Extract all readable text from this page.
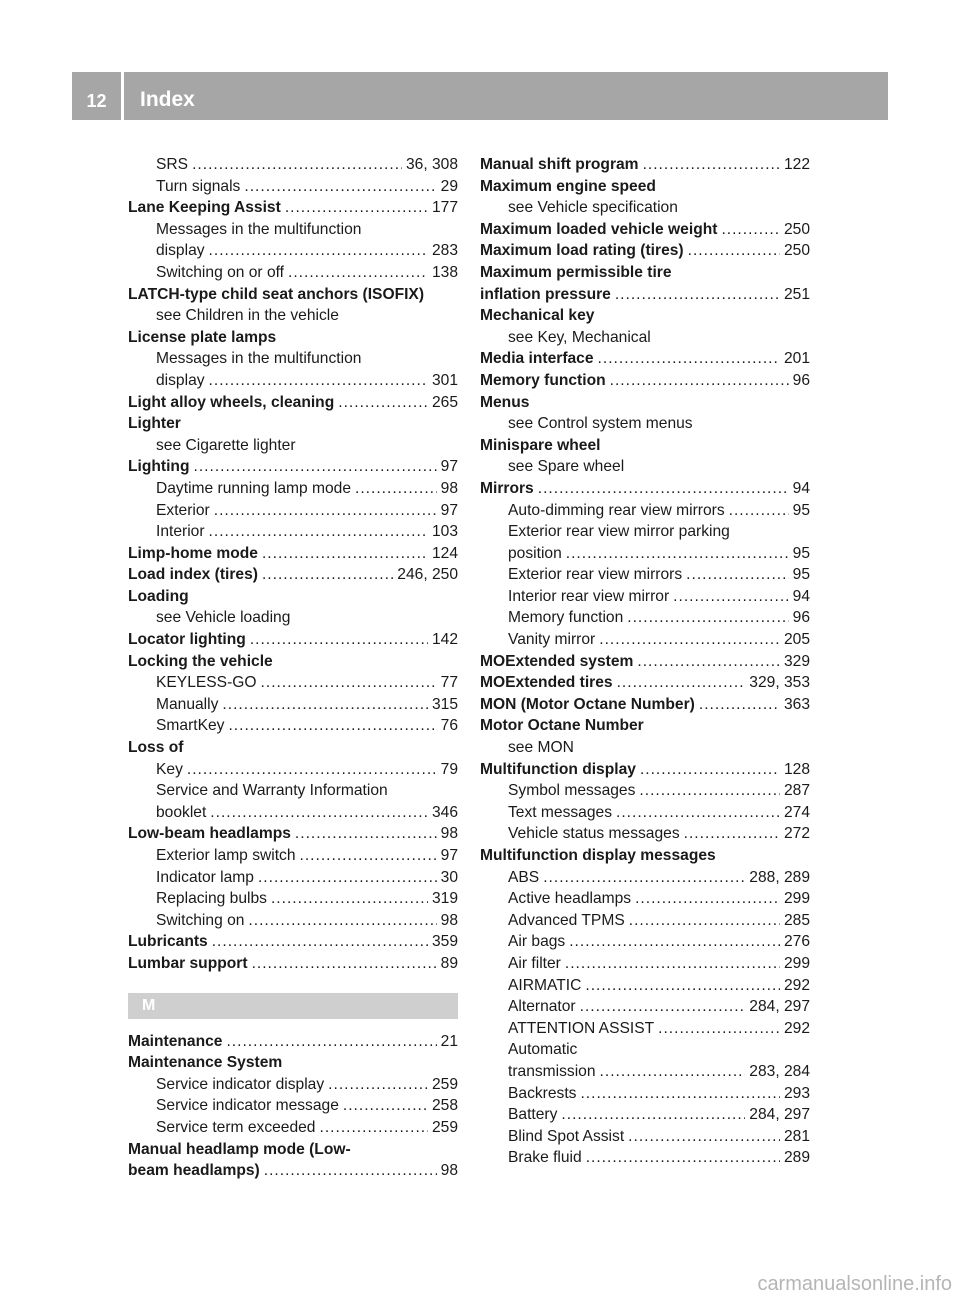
12	Index
SRS .....	36, 308
Turn signals .....	29
Lane Keeping Assist .....	177
Messages in the multifunction
display .....	283
Switching on or off .....	138
LATCH-type child seat anchors (ISOFIX)
see Children in the vehicle
License plate lamps
Messages in the multifunction
display .....	301
Light alloy wheels, cleaning .....	265
Lighter
see Cigarette lighter
Lighting .....	97
Daytime running lamp mode .....	98
Exterior .....	97
Interior .....	103
Limp-home mode .....	124
Load index (tires) .....	246, 250
Loading
see Vehicle loading
Locator lighting .....	142
Locking the vehicle
KEYLESS-GO .....	77
Manually .....	315
SmartKey .....	76
Loss of
Key .....	79
Service and Warranty Information
booklet .....	346
Low-beam headlamps .....	98
Exterior lamp switch .....	97
Indicator lamp .....	30
Replacing bulbs .....	319
Switching on .....	98
Lubricants .....	359
Lumbar support .....	89
M
Maintenance .....	21
Maintenance System
Service indicator display .....	259
Service indicator message .....	258
Service term exceeded .....	259
Manual headlamp mode (Low-
beam headlamps) .....	98
Manual shift program .....	122
Maximum engine speed
see Vehicle specification
Maximum loaded vehicle weight .....	250
Maximum load rating (tires) .....	250
Maximum permissible tire
inflation pressure .....	251
Mechanical key
see Key, Mechanical
Media interface .....	201
Memory function .....	96
Menus
see Control system menus
Minispare wheel
see Spare wheel
Mirrors .....	94
Auto-dimming rear view mirrors .....	95
Exterior rear view mirror parking
position .....	95
Exterior rear view mirrors .....	95
Interior rear view mirror .....	94
Memory function .....	96
Vanity mirror .....	205
MOExtended system .....	329
MOExtended tires .....	329, 353
MON (Motor Octane Number) .....	363
Motor Octane Number
see MON
Multifunction display .....	128
Symbol messages .....	287
Text messages .....	274
Vehicle status messages .....	272
Multifunction display messages
ABS .....	288, 289
Active headlamps .....	299
Advanced TPMS .....	285
Air bags .....	276
Air filter .....	299
AIRMATIC .....	292
Alternator .....	284, 297
ATTENTION ASSIST .....	292
Automatic
transmission .....	283, 284
Backrests .....	293
Battery .....	284, 297
Blind Spot Assist .....	281
Brake fluid .....	289
carmanualsonline.info
